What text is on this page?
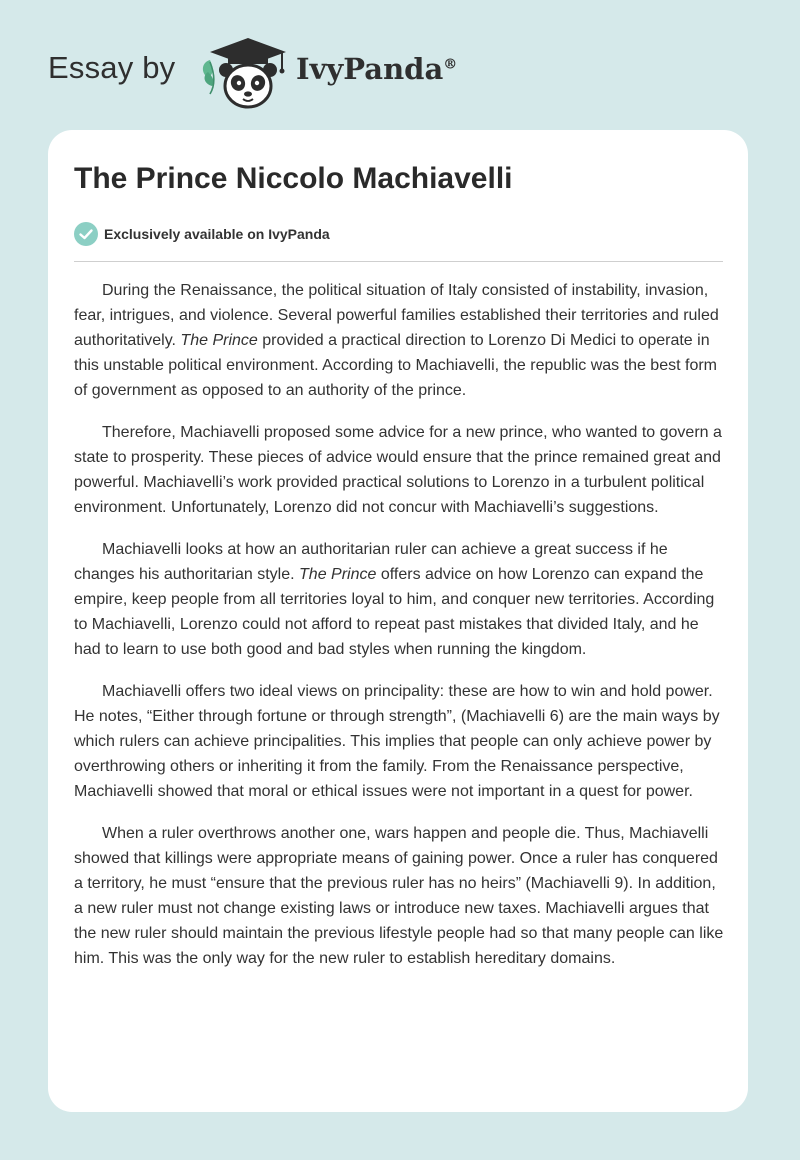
Essay by	IvyPanda®
The Prince Niccolo Machiavelli
Exclusively available on IvyPanda

During the Renaissance, the political situation of Italy consisted of instability, invasion, fear, intrigues, and violence. Several powerful families established their territories and ruled authoritatively. The Prince provided a practical direction to Lorenzo Di Medici to operate in this unstable political environment. According to Machiavelli, the republic was the best form of government as opposed to an authority of the prince.

Therefore, Machiavelli proposed some advice for a new prince, who wanted to govern a state to prosperity. These pieces of advice would ensure that the prince remained great and powerful. Machiavelli’s work provided practical solutions to Lorenzo in a turbulent political environment. Unfortunately, Lorenzo did not concur with Machiavelli’s suggestions.

Machiavelli looks at how an authoritarian ruler can achieve a great success if he changes his authoritarian style. The Prince offers advice on how Lorenzo can expand the empire, keep people from all territories loyal to him, and conquer new territories. According to Machiavelli, Lorenzo could not afford to repeat past mistakes that divided Italy, and he had to learn to use both good and bad styles when running the kingdom.

Machiavelli offers two ideal views on principality: these are how to win and hold power. He notes, “Either through fortune or through strength”, (Machiavelli 6) are the main ways by which rulers can achieve principalities. This implies that people can only achieve power by overthrowing others or inheriting it from the family. From the Renaissance perspective, Machiavelli showed that moral or ethical issues were not important in a quest for power.

When a ruler overthrows another one, wars happen and people die. Thus, Machiavelli showed that killings were appropriate means of gaining power. Once a ruler has conquered a territory, he must “ensure that the previous ruler has no heirs” (Machiavelli 9). In addition, a new ruler must not change existing laws or introduce new taxes. Machiavelli argues that the new ruler should maintain the previous lifestyle people had so that many people can like him. This was the only way for the new ruler to establish hereditary domains.
